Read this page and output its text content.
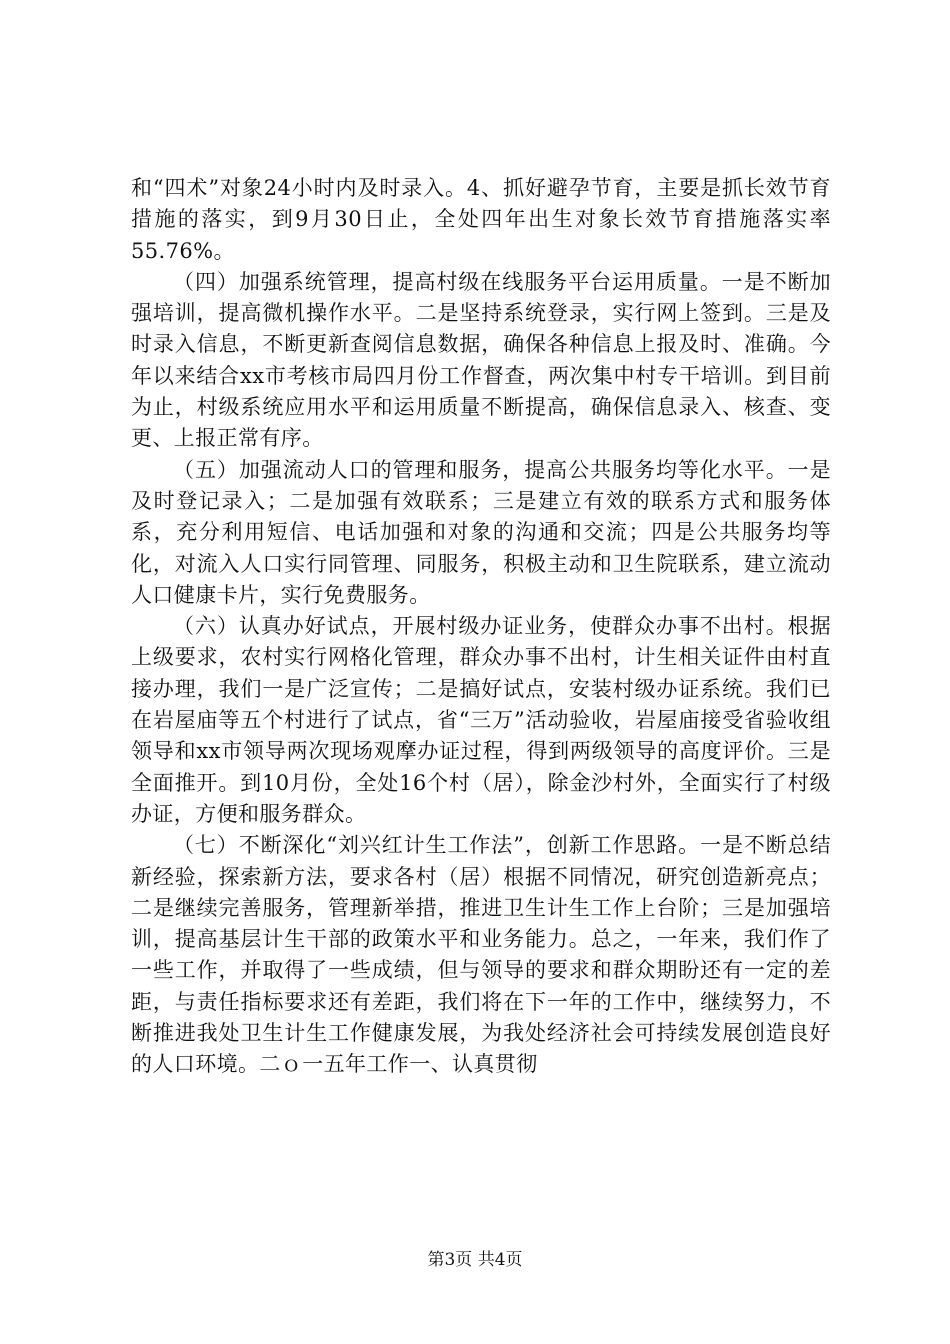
和“四术”对象24小时内及时录入。4、抓好避孕节育，主要是抓长效节育措施的落实，到9月30日止，全处四年出生对象长效节育措施落实率55.76%。

（四）加强系统管理，提高村级在线服务平台运用质量。一是不断加强培训，提高微机操作水平。二是坚持系统登录，实行网上签到。三是及时录入信息，不断更新查阅信息数据，确保各种信息上报及时、准确。今年以来结合xx市考核市局四月份工作督查，两次集中村专干培训。到目前为止，村级系统应用水平和运用质量不断提高，确保信息录入、核查、变更、上报正常有序。

（五）加强流动人口的管理和服务，提高公共服务均等化水平。一是及时登记录入；二是加强有效联系；三是建立有效的联系方式和服务体系，充分利用短信、电话加强和对象的沟通和交流；四是公共服务均等化，对流入人口实行同管理、同服务，积极主动和卫生院联系，建立流动人口健康卡片，实行免费服务。

（六）认真办好试点，开展村级办证业务，使群众办事不出村。根据上级要求，农村实行网格化管理，群众办事不出村，计生相关证件由村直接办理，我们一是广泛宣传；二是搞好试点，安装村级办证系统。我们已在岩屋庙等五个村进行了试点，省“三万”活动验收，岩屋庙接受省验收组领导和xx市领导两次现场观摩办证过程，得到两级领导的高度评价。三是全面推开。到10月份，全处16个村（居），除金沙村外，全面实行了村级办证，方便和服务群众。

（七）不断深化“刘兴红计生工作法”，创新工作思路。一是不断总结新经验，探索新方法，要求各村（居）根据不同情况，研究创造新亮点；二是继续完善服务，管理新举措，推进卫生计生工作上台阶；三是加强培训，提高基层计生干部的政策水平和业务能力。总之，一年来，我们作了一些工作，并取得了一些成绩，但与领导的要求和群众期盼还有一定的差距，与责任指标要求还有差距，我们将在下一年的工作中，继续努力，不断推进我处卫生计生工作健康发展，为我处经济社会可持续发展创造良好的人口环境。二ｏ一五年工作一、认真贯彻

第3页 共4页
